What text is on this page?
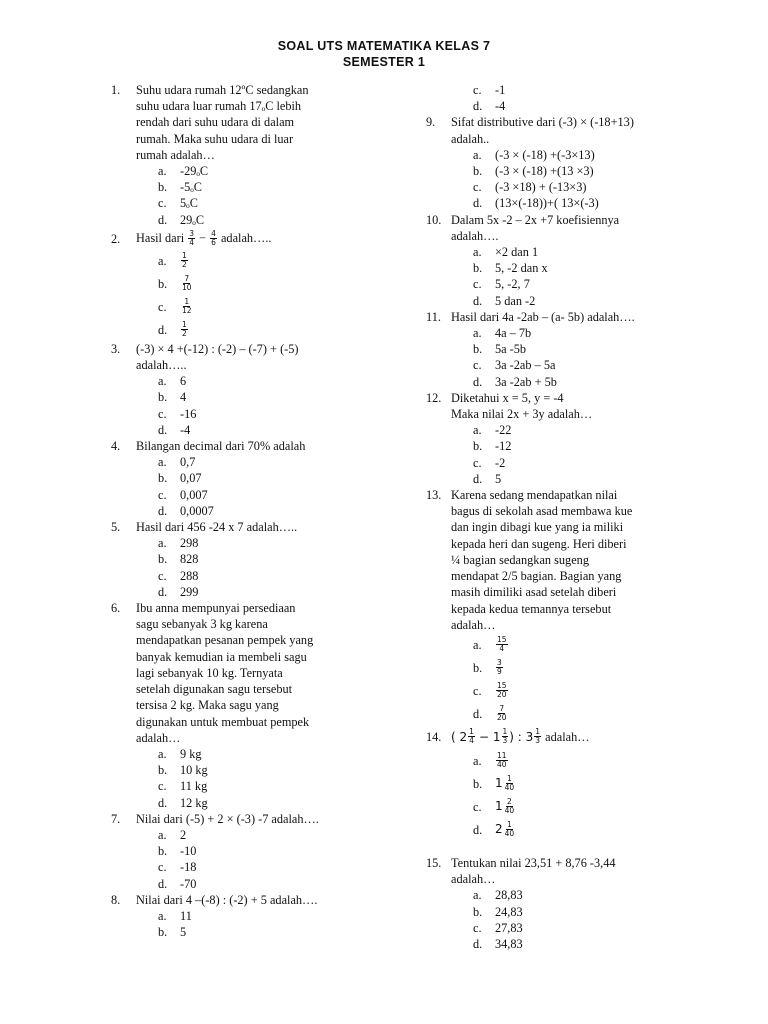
SOAL UTS MATEMATIKA KELAS 7
SEMESTER 1
1. Suhu udara rumah 12ºC sedangkan
suhu udara luar rumah 17ₒC lebih
rendah dari suhu udara di dalam
rumah. Maka suhu udara di luar
rumah adalah…
a. -29ₒC
b. -5ₒC
c. 5ₒC
d. 29ₒC
2. Hasil dari
$\frac{3}{4}$
−
$\frac{4}{6}$
adalah…..
a. $\frac{1}{2}$
b. $\frac{7}{10}$
c. $\frac{1}{12}$
d. $\frac{1}{2}$
3. (-3) × 4 +(-12) : (-2) – (-7) + (-5)
adalah…..
a. 6
b. 4
c. -16
d. -4
4. Bilangan decimal dari 70% adalah
a. 0,7
b. 0,07
c. 0,007
d. 0,0007
5. Hasil dari 456 -24 x 7 adalah…..
a. 298
b. 828
c. 288
d. 299
6. Ibu anna mempunyai persediaan
sagu sebanyak 3 kg karena
mendapatkan pesanan pempek yang
banyak kemudian ia membeli sagu
lagi sebanyak 10 kg. Ternyata
setelah digunakan sagu tersebut
tersisa 2 kg. Maka sagu yang
digunakan untuk membuat pempek
adalah…
a. 9 kg
b. 10 kg
c. 11 kg
d. 12 kg
7. Nilai dari (-5) + 2 × (-3) -7 adalah….
a. 2
b. -10
c. -18
d. -70
8. Nilai dari 4 –(-8) : (-2) + 5 adalah….
a. 11
b. 5
c. -1
d. -4
9. Sifat distributive dari (-3) × (-18+13)
adalah..
a. (-3 × (-18) +(-3×13)
b. (-3 × (-18) +(13 ×3)
c. (-3 ×18) + (-13×3)
d. (13×(-18))+( 13×(-3)
10. Dalam 5x -2 – 2x +7 koefisiennya
adalah….
a. ×2 dan 1
b. 5, -2 dan x
c. 5, -2, 7
d. 5 dan -2
11. Hasil dari 4a -2ab – (a- 5b) adalah….
a. 4a – 7b
b. 5a -5b
c. 3a -2ab – 5a
d. 3a -2ab + 5b
12. Diketahui x = 5, y = -4
Maka nilai 2x + 3y adalah…
a. -22
b. -12
c. -2
d. 5
13. Karena sedang mendapatkan nilai
bagus di sekolah asad membawa kue
dan ingin dibagi kue yang ia miliki
kepada heri dan sugeng. Heri diberi
¼ bagian sedangkan sugeng
mendapat 2/5 bagian. Bagian yang
masih dimiliki asad setelah diberi
kepada kedua temannya tersebut
adalah…
a. $\frac{15}{4}$
b. $\frac{3}{9}$
c. $\frac{15}{20}$
d. $\frac{7}{20}$
14. ( $2 \frac{1}{4}$
− $1 \frac{1}{3}$ ) : $3 \frac{1}{3}$
adalah…
a. $\frac{11}{40}$
b. $1 \frac{1}{40}$
c. $1 \frac{2}{40}$
d. $2 \frac{1}{40}$
15. Tentukan nilai 23,51 + 8,76 -3,44
adalah…
a. 28,83
b. 24,83
c. 27,83
d. 34,83
